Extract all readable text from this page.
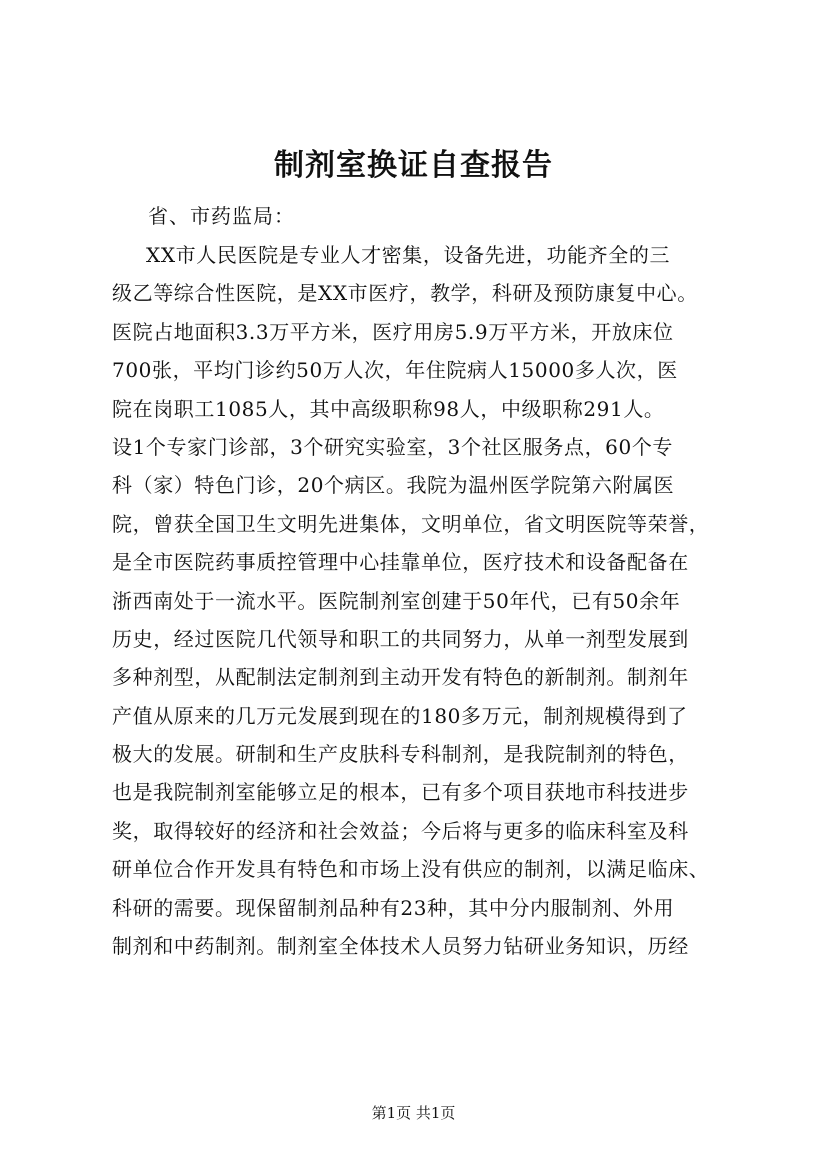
制剂室换证自查报告
省、市药监局：
XX市人民医院是专业人才密集，设备先进，功能齐全的三
级乙等综合性医院，是XX市医疗，教学，科研及预防康复中心。
医院占地面积3.3万平方米，医疗用房5.9万平方米，开放床位
700张，平均门诊约50万人次，年住院病人15000多人次，医
院在岗职工1085人，其中高级职称98人，中级职称291人。
设1个专家门诊部，3个研究实验室，3个社区服务点，60个专
科（家）特色门诊，20个病区。我院为温州医学院第六附属医
院，曾获全国卫生文明先进集体，文明单位，省文明医院等荣誉，
是全市医院药事质控管理中心挂靠单位，医疗技术和设备配备在
浙西南处于一流水平。医院制剂室创建于50年代，已有50余年
历史，经过医院几代领导和职工的共同努力，从单一剂型发展到
多种剂型，从配制法定制剂到主动开发有特色的新制剂。制剂年
产值从原来的几万元发展到现在的180多万元，制剂规模得到了
极大的发展。研制和生产皮肤科专科制剂，是我院制剂的特色，
也是我院制剂室能够立足的根本，已有多个项目获地市科技进步
奖，取得较好的经济和社会效益；今后将与更多的临床科室及科
研单位合作开发具有特色和市场上没有供应的制剂，以满足临床、
科研的需要。现保留制剂品种有23种，其中分内服制剂、外用
制剂和中药制剂。制剂室全体技术人员努力钻研业务知识，历经
第1页 共1页
